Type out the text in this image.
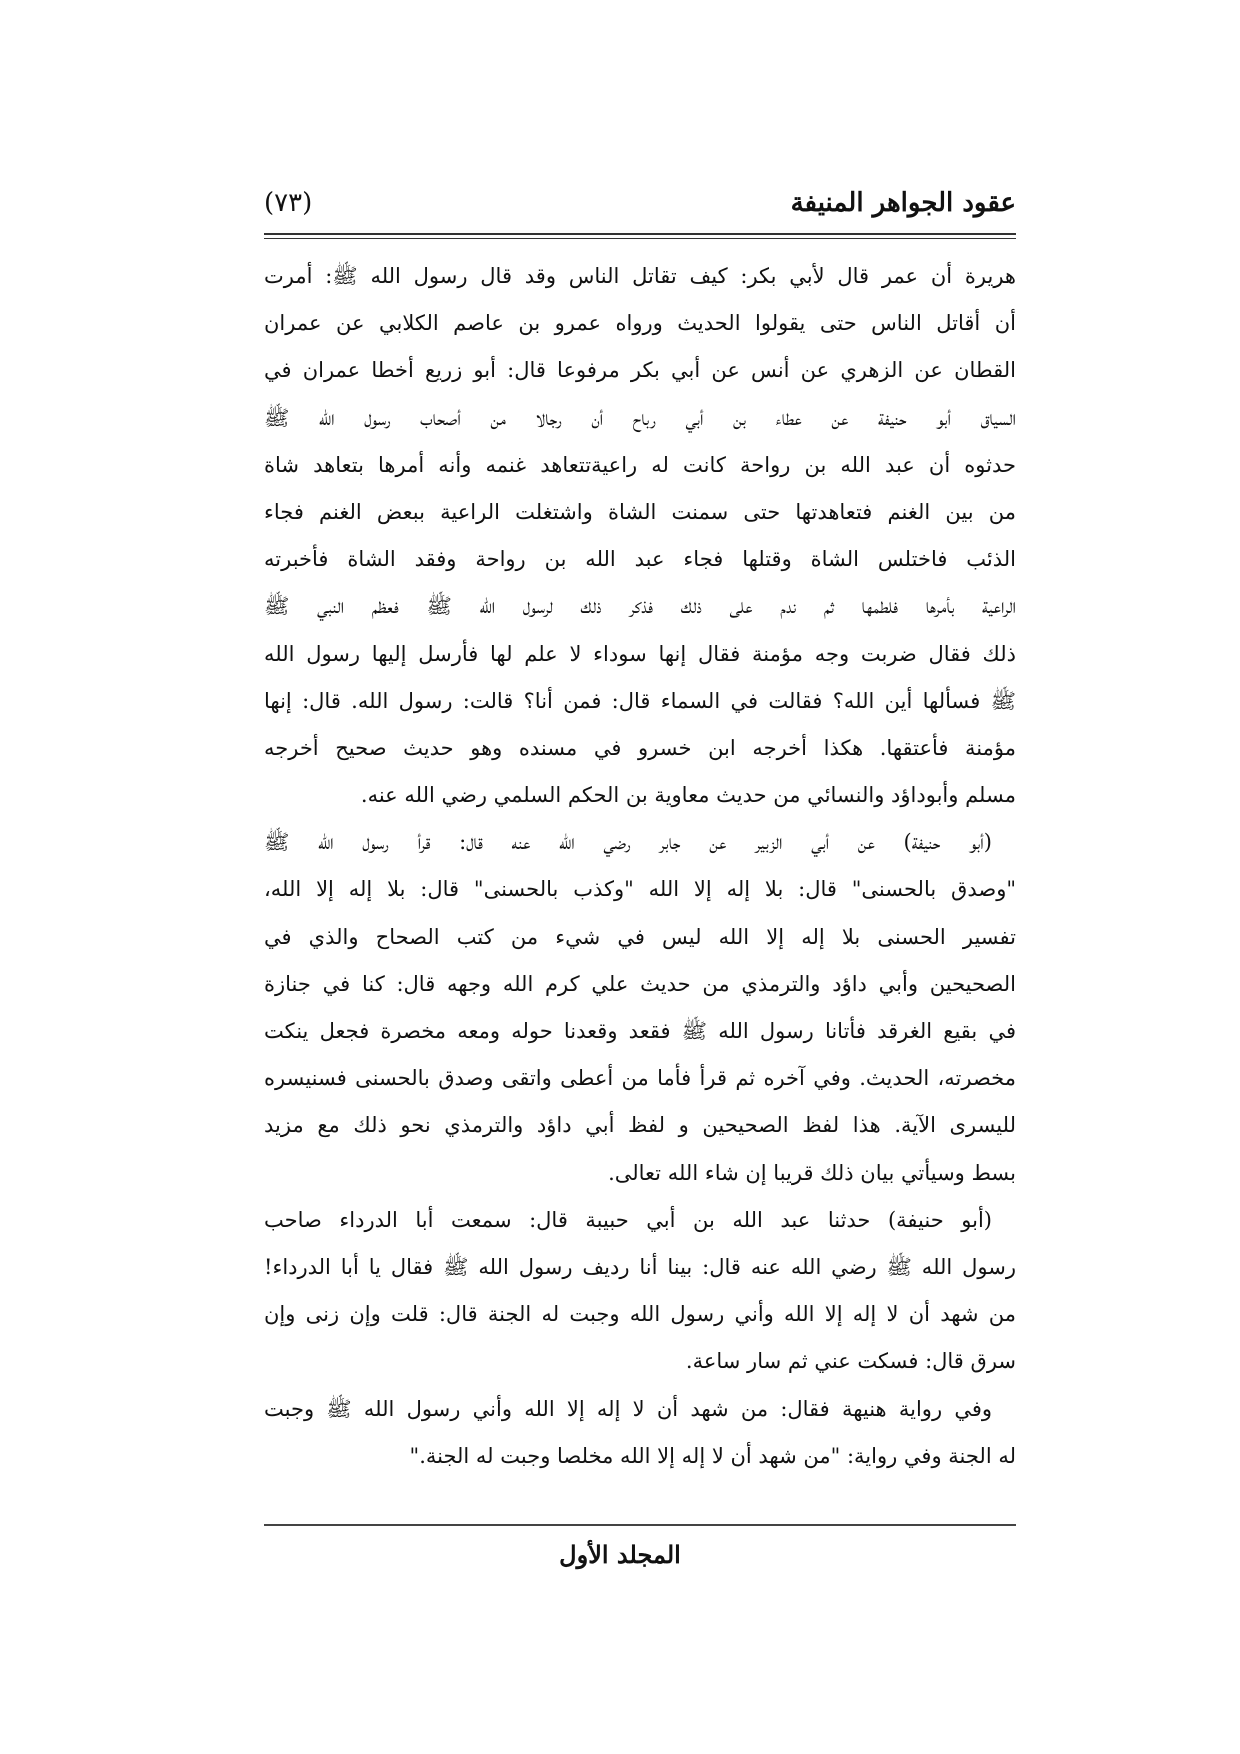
عقود الجواهر المنيفة
(٧٣)
هريرة أن عمر قال لأبي بكر: كيف تقاتل الناس وقد قال رسول الله ﷺ: أمرت
أن أقاتل الناس حتى يقولوا الحديث ورواه عمرو بن عاصم الكلابي عن عمران
القطان عن الزهري عن أنس عن أبي بكر مرفوعا قال: أبو زريع أخطا عمران في
السياق أبو حنيفة عن عطاء بن أبي رباح أن رجالا من أصحاب رسول الله ﷺ
حدثوه أن عبد الله بن رواحة كانت له راعيةتتعاهد غنمه وأنه أمرها بتعاهد شاة
من بين الغنم فتعاهدتها حتى سمنت الشاة واشتغلت الراعية ببعض الغنم فجاء
الذئب فاختلس الشاة وقتلها فجاء عبد الله بن رواحة وفقد الشاة فأخبرته
الراعية بأمرها فلطمها ثم ندم على ذلك فذكر ذلك لرسول الله ﷺ فعظم النبي ﷺ
ذلك فقال ضربت وجه مؤمنة فقال إنها سوداء لا علم لها فأرسل إليها رسول الله
ﷺ فسألها أين الله؟ فقالت في السماء قال: فمن أنا؟ قالت: رسول الله. قال: إنها
مؤمنة فأعتقها. هكذا أخرجه ابن خسرو في مسنده وهو حديث صحيح أخرجه
مسلم وأبوداؤد والنسائي من حديث معاوية بن الحكم السلمي رضي الله عنه.
(أبو حنيفة) عن أبي الزبير عن جابر رضي الله عنه قال: قرأ رسول الله ﷺ
"وصدق بالحسنى" قال: بلا إله إلا الله "وكذب بالحسنى" قال: بلا إله إلا الله،
تفسير الحسنى بلا إله إلا الله ليس في شيء من كتب الصحاح والذي في
الصحيحين وأبي داؤد والترمذي من حديث علي كرم الله وجهه قال: كنا في جنازة
في بقيع الغرقد فأتانا رسول الله ﷺ فقعد وقعدنا حوله ومعه مخصرة فجعل ينكت
مخصرته، الحديث. وفي آخره ثم قرأ فأما من أعطى واتقى وصدق بالحسنى فسنيسره
لليسرى الآية. هذا لفظ الصحيحين و لفظ أبي داؤد والترمذي نحو ذلك مع مزيد
بسط وسيأتي بيان ذلك قريبا إن شاء الله تعالى.
(أبو حنيفة) حدثنا عبد الله بن أبي حبيبة قال: سمعت أبا الدرداء صاحب
رسول الله ﷺ رضي الله عنه قال: بينا أنا رديف رسول الله ﷺ فقال يا أبا الدرداء!
من شهد أن لا إله إلا الله وأني رسول الله وجبت له الجنة قال: قلت وإن زنى وإن
سرق قال: فسكت عني ثم سار ساعة.
وفي رواية هنيهة فقال: من شهد أن لا إله إلا الله وأني رسول الله ﷺ وجبت
له الجنة وفي رواية: "من شهد أن لا إله إلا الله مخلصا وجبت له الجنة."
المجلد الأول
